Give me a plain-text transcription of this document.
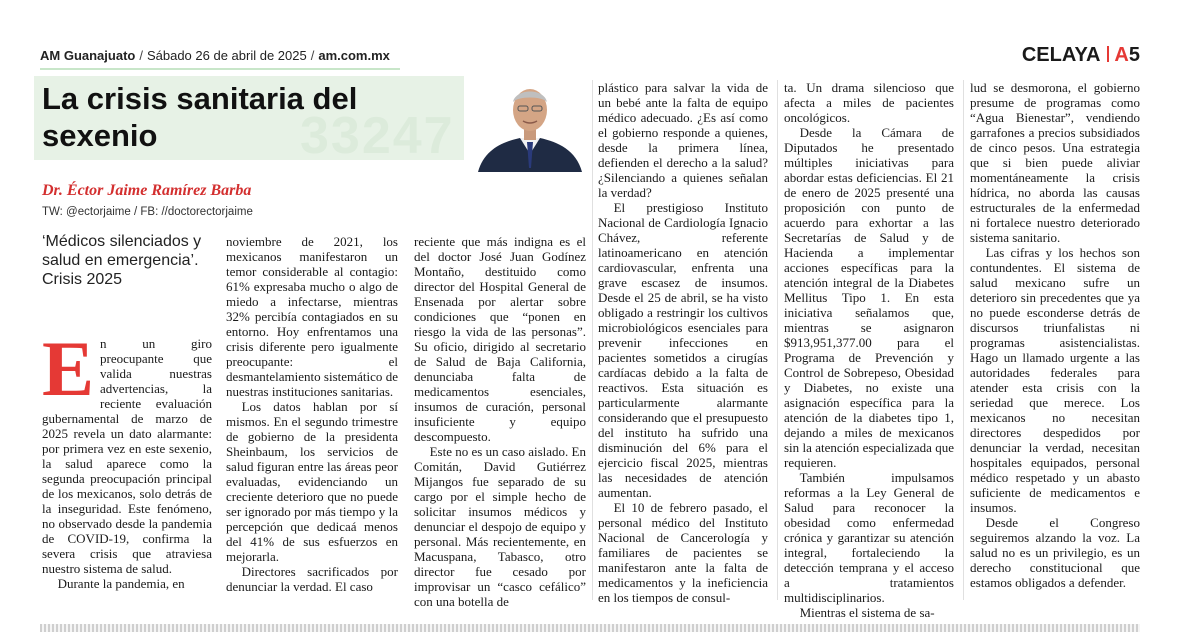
AM Guanajuato / Sábado 26 de abril de 2025 / am.com.mx	CELAYA A5
33247
La crisis sanitaria del sexenio
Dr. Éctor Jaime Ramírez Barba
TW: @ectorjaime / FB: //doctorectorjaime
‘Médicos silenciados y salud en emergencia’. Crisis 2025

En un giro preocupante que valida nuestras advertencias, la reciente evaluación gubernamental de marzo de 2025 revela un dato alarmante: por primera vez en este sexenio, la salud aparece como la segunda preocupación principal de los mexicanos, solo detrás de la inseguridad. Este fenómeno, no observado desde la pandemia de COVID-19, confirma la severa crisis que atraviesa nuestro sistema de salud.

Durante la pandemia, en

noviembre de 2021, los mexicanos manifestaron un temor considerable al contagio: 61% expresaba mucho o algo de miedo a infectarse, mientras 32% percibía contagiados en su entorno. Hoy enfrentamos una crisis diferente pero igualmente preocupante: el desmantelamiento sistemático de nuestras instituciones sanitarias.

Los datos hablan por sí mismos. En el segundo trimestre de gobierno de la presidenta Sheinbaum, los servicios de salud figuran entre las áreas peor evaluadas, evidenciando un creciente deterioro que no puede ser ignorado por más tiempo y la percepción que dedicaá menos del 41% de sus esfuerzos en mejorarla.

Directores sacrificados por denunciar la verdad. El caso

reciente que más indigna es el del doctor José Juan Godínez Montaño, destituido como director del Hospital General de Ensenada por alertar sobre condiciones que “ponen en riesgo la vida de las personas”. Su oficio, dirigido al secretario de Salud de Baja California, denunciaba falta de medicamentos esenciales, insumos de curación, personal insuficiente y equipo descompuesto.

Este no es un caso aislado. En Comitán, David Gutiérrez Mijangos fue separado de su cargo por el simple hecho de solicitar insumos médicos y denunciar el despojo de equipo y personal. Más recientemente, en Macuspana, Tabasco, otro director fue cesado por improvisar un “casco cefálico” con una botella de

plástico para salvar la vida de un bebé ante la falta de equipo médico adecuado. ¿Es así como el gobierno responde a quienes, desde la primera línea, defienden el derecho a la salud? ¿Silenciando a quienes señalan la verdad?

El prestigioso Instituto Nacional de Cardiología Ignacio Chávez, referente latinoamericano en atención cardiovascular, enfrenta una grave escasez de insumos. Desde el 25 de abril, se ha visto obligado a restringir los cultivos microbiológicos esenciales para prevenir infecciones en pacientes sometidos a cirugías cardíacas debido a la falta de reactivos. Esta situación es particularmente alarmante considerando que el presupuesto del instituto ha sufrido una disminución del 6% para el ejercicio fiscal 2025, mientras las necesidades de atención aumentan.

El 10 de febrero pasado, el personal médico del Instituto Nacional de Cancerología y familiares de pacientes se manifestaron ante la falta de medicamentos y la ineficiencia en los tiempos de consul-

ta. Un drama silencioso que afecta a miles de pacientes oncológicos.

Desde la Cámara de Diputados he presentado múltiples iniciativas para abordar estas deficiencias. El 21 de enero de 2025 presenté una proposición con punto de acuerdo para exhortar a las Secretarías de Salud y de Hacienda a implementar acciones específicas para la atención integral de la Diabetes Mellitus Tipo 1. En esta iniciativa señalamos que, mientras se asignaron $913,951,377.00 para el Programa de Prevención y Control de Sobrepeso, Obesidad y Diabetes, no existe una asignación específica para la atención de la diabetes tipo 1, dejando a miles de mexicanos sin la atención especializada que requieren.

También impulsamos reformas a la Ley General de Salud para reconocer la obesidad como enfermedad crónica y garantizar su atención integral, fortaleciendo la detección temprana y el acceso a tratamientos multidisciplinarios.

Mientras el sistema de sa-

lud se desmorona, el gobierno presume de programas como “Agua Bienestar”, vendiendo garrafones a precios subsidiados de cinco pesos. Una estrategia que si bien puede aliviar momentáneamente la crisis hídrica, no aborda las causas estructurales de la enfermedad ni fortalece nuestro deteriorado sistema sanitario.

Las cifras y los hechos son contundentes. El sistema de salud mexicano sufre un deterioro sin precedentes que ya no puede esconderse detrás de discursos triunfalistas ni programas asistencialistas. Hago un llamado urgente a las autoridades federales para atender esta crisis con la seriedad que merece. Los mexicanos no necesitan directores despedidos por denunciar la verdad, necesitan hospitales equipados, personal médico respetado y un abasto suficiente de medicamentos e insumos.

Desde el Congreso seguiremos alzando la voz. La salud no es un privilegio, es un derecho constitucional que estamos obligados a defender.
